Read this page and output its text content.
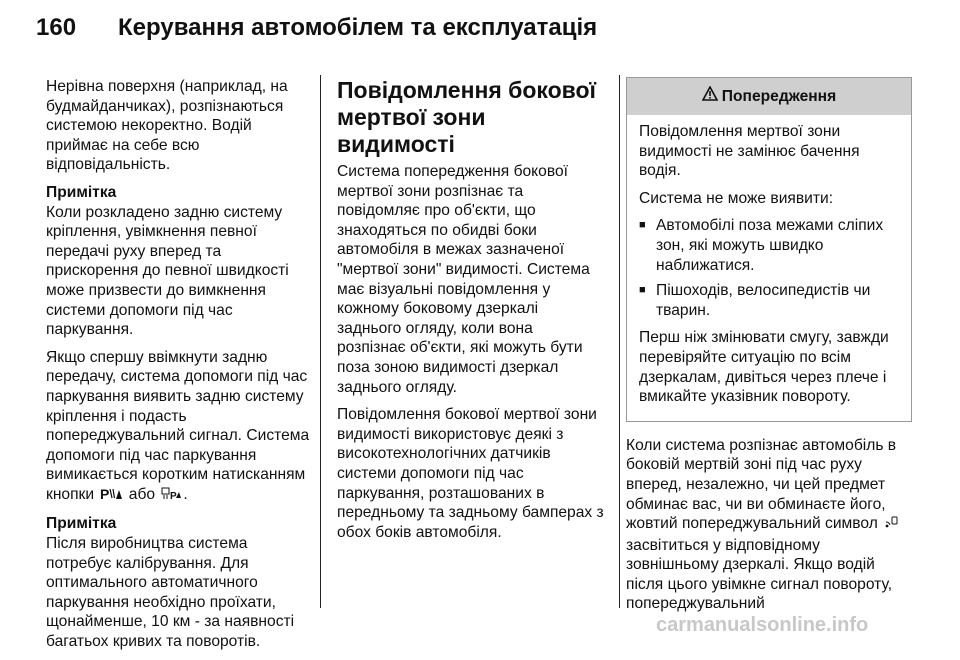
160 Керування автомобілем та експлуатація

Нерівна поверхня (наприклад, на будмайданчиках), розпізнаються системою некоректно. Водій приймає на себе всю відповідальність.

Примітка

Коли розкладено задню систему кріплення, увімкнення певної передачі руху вперед та прискорення до певної швидкості може призвести до вимкнення системи допомоги під час паркування.

Якщо спершу ввімкнути задню передачу, система допомоги під час паркування виявить задню систему кріплення і подасть попереджувальний сигнал. Система допомоги під час паркування вимикається коротким натисканням кнопки P або P .

Примітка

Після виробництва система потребує калібрування. Для оптимального автоматичного паркування необхідно проїхати, щонайменше, 10 км - за наявності багатьох кривих та поворотів.

Повідомлення бокової мертвої зони видимості

Система попередження бокової мертвої зони розпізнає та повідомляє про об'єкти, що знаходяться по обидві боки автомобіля в межах зазначеної "мертвої зони" видимості. Система має візуальні повідомлення у кожному боковому дзеркалі заднього огляду, коли вона розпізнає об'єкти, які можуть бути поза зоною видимості дзеркал заднього огляду.

Повідомлення бокової мертвої зони видимості використовує деякі з високотехнологічних датчиків системи допомоги під час паркування, розташованих в передньому та задньому бамперах з обох боків автомобіля.

Попередження

Повідомлення мертвої зони видимості не замінює бачення водія.

Система не може виявити:

■ Автомобілі поза межами сліпих зон, які можуть швидко наближатися.
■ Пішоходів, велосипедистів чи тварин.

Перш ніж змінювати смугу, завжди перевіряйте ситуацію по всім дзеркалам, дивіться через плече і вмикайте указівник повороту.

Коли система розпізнає автомобіль в боковій мертвій зоні під час руху вперед, незалежно, чи цей предмет обминає вас, чи ви обминаєте його, жовтий попереджувальний символ  засвітиться у відповідному зовнішньому дзеркалі. Якщо водій після цього увімкне сигнал повороту, попереджувальний

carmanualsonline.info
